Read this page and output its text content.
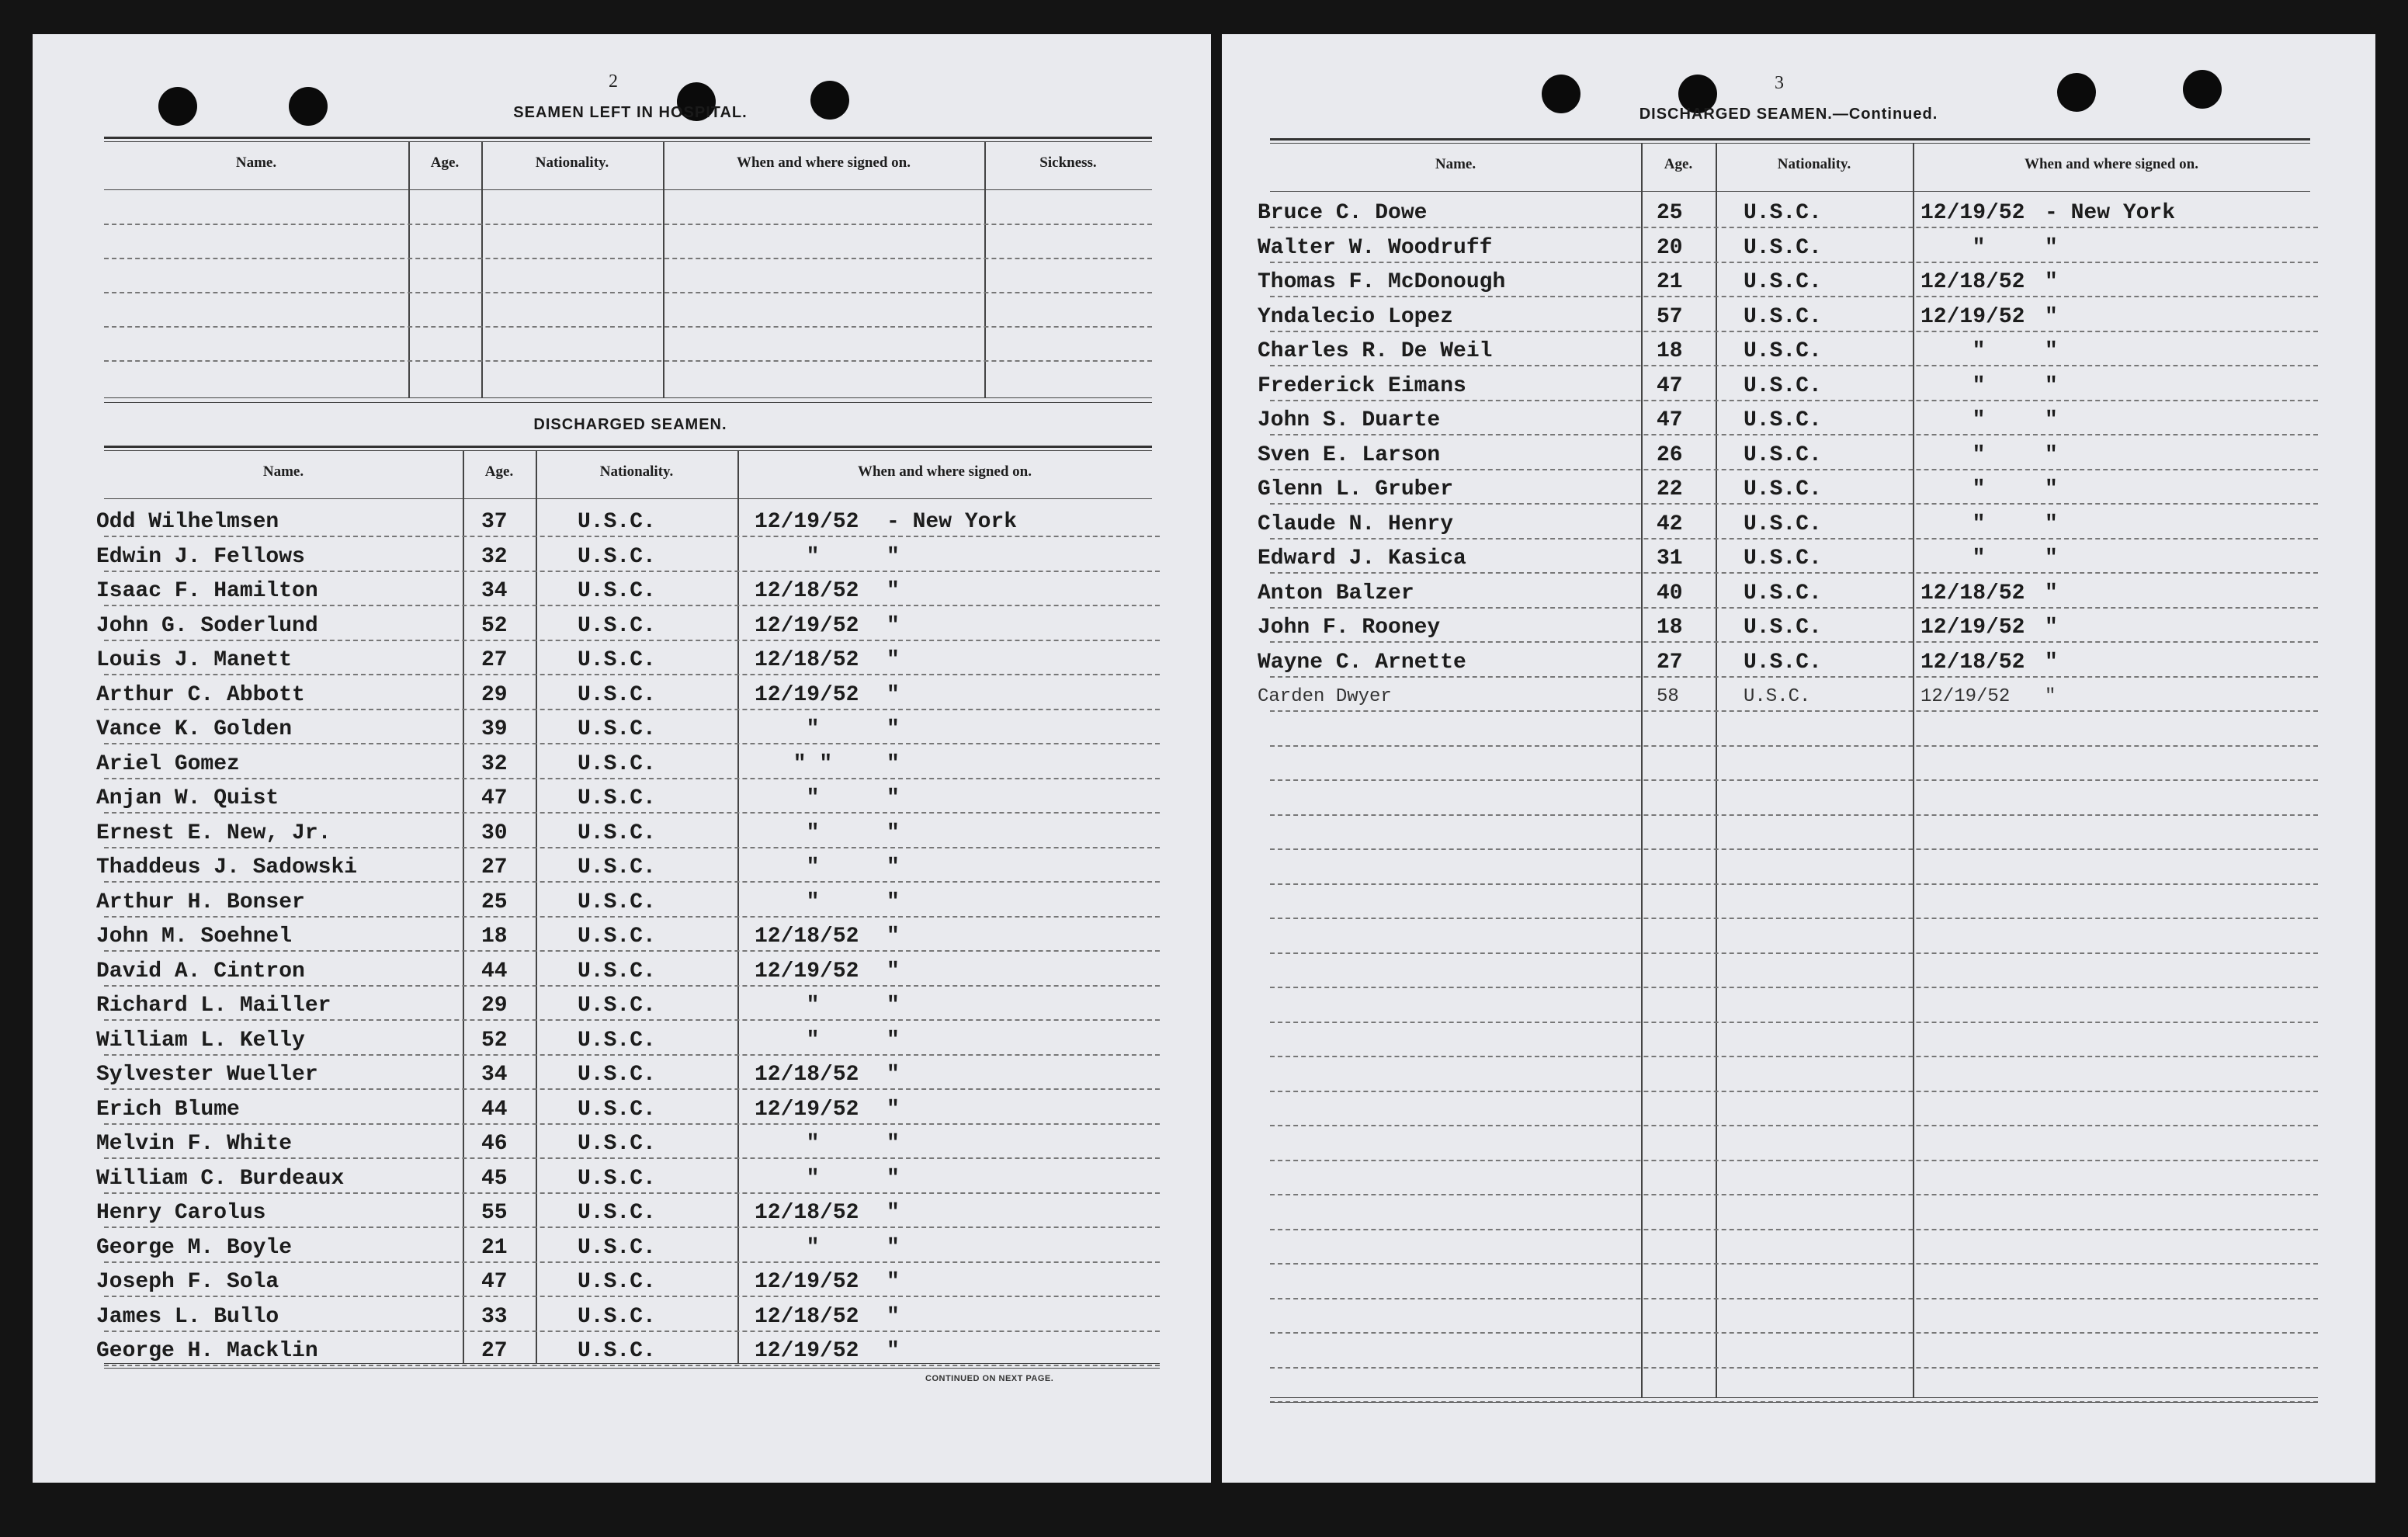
2
SEAMEN LEFT IN HOSPITAL.
Name.	Age.	Nationality.	When and where signed on.	Sickness.
DISCHARGED SEAMEN.
Name.	Age.	Nationality.	When and where signed on.
Odd Wilhelmsen	37	U.S.C.	12/19/52	- New York
Edwin J. Fellows	32	U.S.C.	"	"
Isaac F. Hamilton	34	U.S.C.	12/18/52	"
John G. Soderlund	52	U.S.C.	12/19/52	"
Louis J. Manett	27	U.S.C.	12/18/52	"
Arthur C. Abbott	29	U.S.C.	12/19/52	"
Vance K. Golden	39	U.S.C.	"	"
Ariel Gomez	32	U.S.C.	" "	"
Anjan W. Quist	47	U.S.C.	"	"
Ernest E. New, Jr.	30	U.S.C.	"	"
Thaddeus J. Sadowski	27	U.S.C.	"	"
Arthur H. Bonser	25	U.S.C.	"	"
John M. Soehnel	18	U.S.C.	12/18/52	"
David A. Cintron	44	U.S.C.	12/19/52	"
Richard L. Mailler	29	U.S.C.	"	"
William L. Kelly	52	U.S.C.	"	"
Sylvester Wueller	34	U.S.C.	12/18/52	"
Erich Blume	44	U.S.C.	12/19/52	"
Melvin F. White	46	U.S.C.	"	"
William C. Burdeaux	45	U.S.C.	"	"
Henry Carolus	55	U.S.C.	12/18/52	"
George M. Boyle	21	U.S.C.	"	"
Joseph F. Sola	47	U.S.C.	12/19/52	"
James L. Bullo	33	U.S.C.	12/18/52	"
George H. Macklin	27	U.S.C.	12/19/52	"
CONTINUED ON NEXT PAGE.
3
DISCHARGED SEAMEN.—Continued.
Name.	Age.	Nationality.	When and where signed on.
Bruce C. Dowe	25	U.S.C.	12/19/52 - New York
Walter W. Woodruff	20	U.S.C.	"	"
Thomas F. McDonough	21	U.S.C.	12/18/52 "
Yndalecio Lopez	57	U.S.C.	12/19/52 "
Charles R. De Weil	18	U.S.C.	"	"
Frederick Eimans	47	U.S.C.	"	"
John S. Duarte	47	U.S.C.	"	"
Sven E. Larson	26	U.S.C.	"	"
Glenn L. Gruber	22	U.S.C.	"	"
Claude N. Henry	42	U.S.C.	"	"
Edward J. Kasica	31	U.S.C.	"	"
Anton Balzer	40	U.S.C.	12/18/52 "
John F. Rooney	18	U.S.C.	12/19/52 "
Wayne C. Arnette	27	U.S.C.	12/18/52 "
Carden Dwyer	58	U.S.C.	12/19/52	"
